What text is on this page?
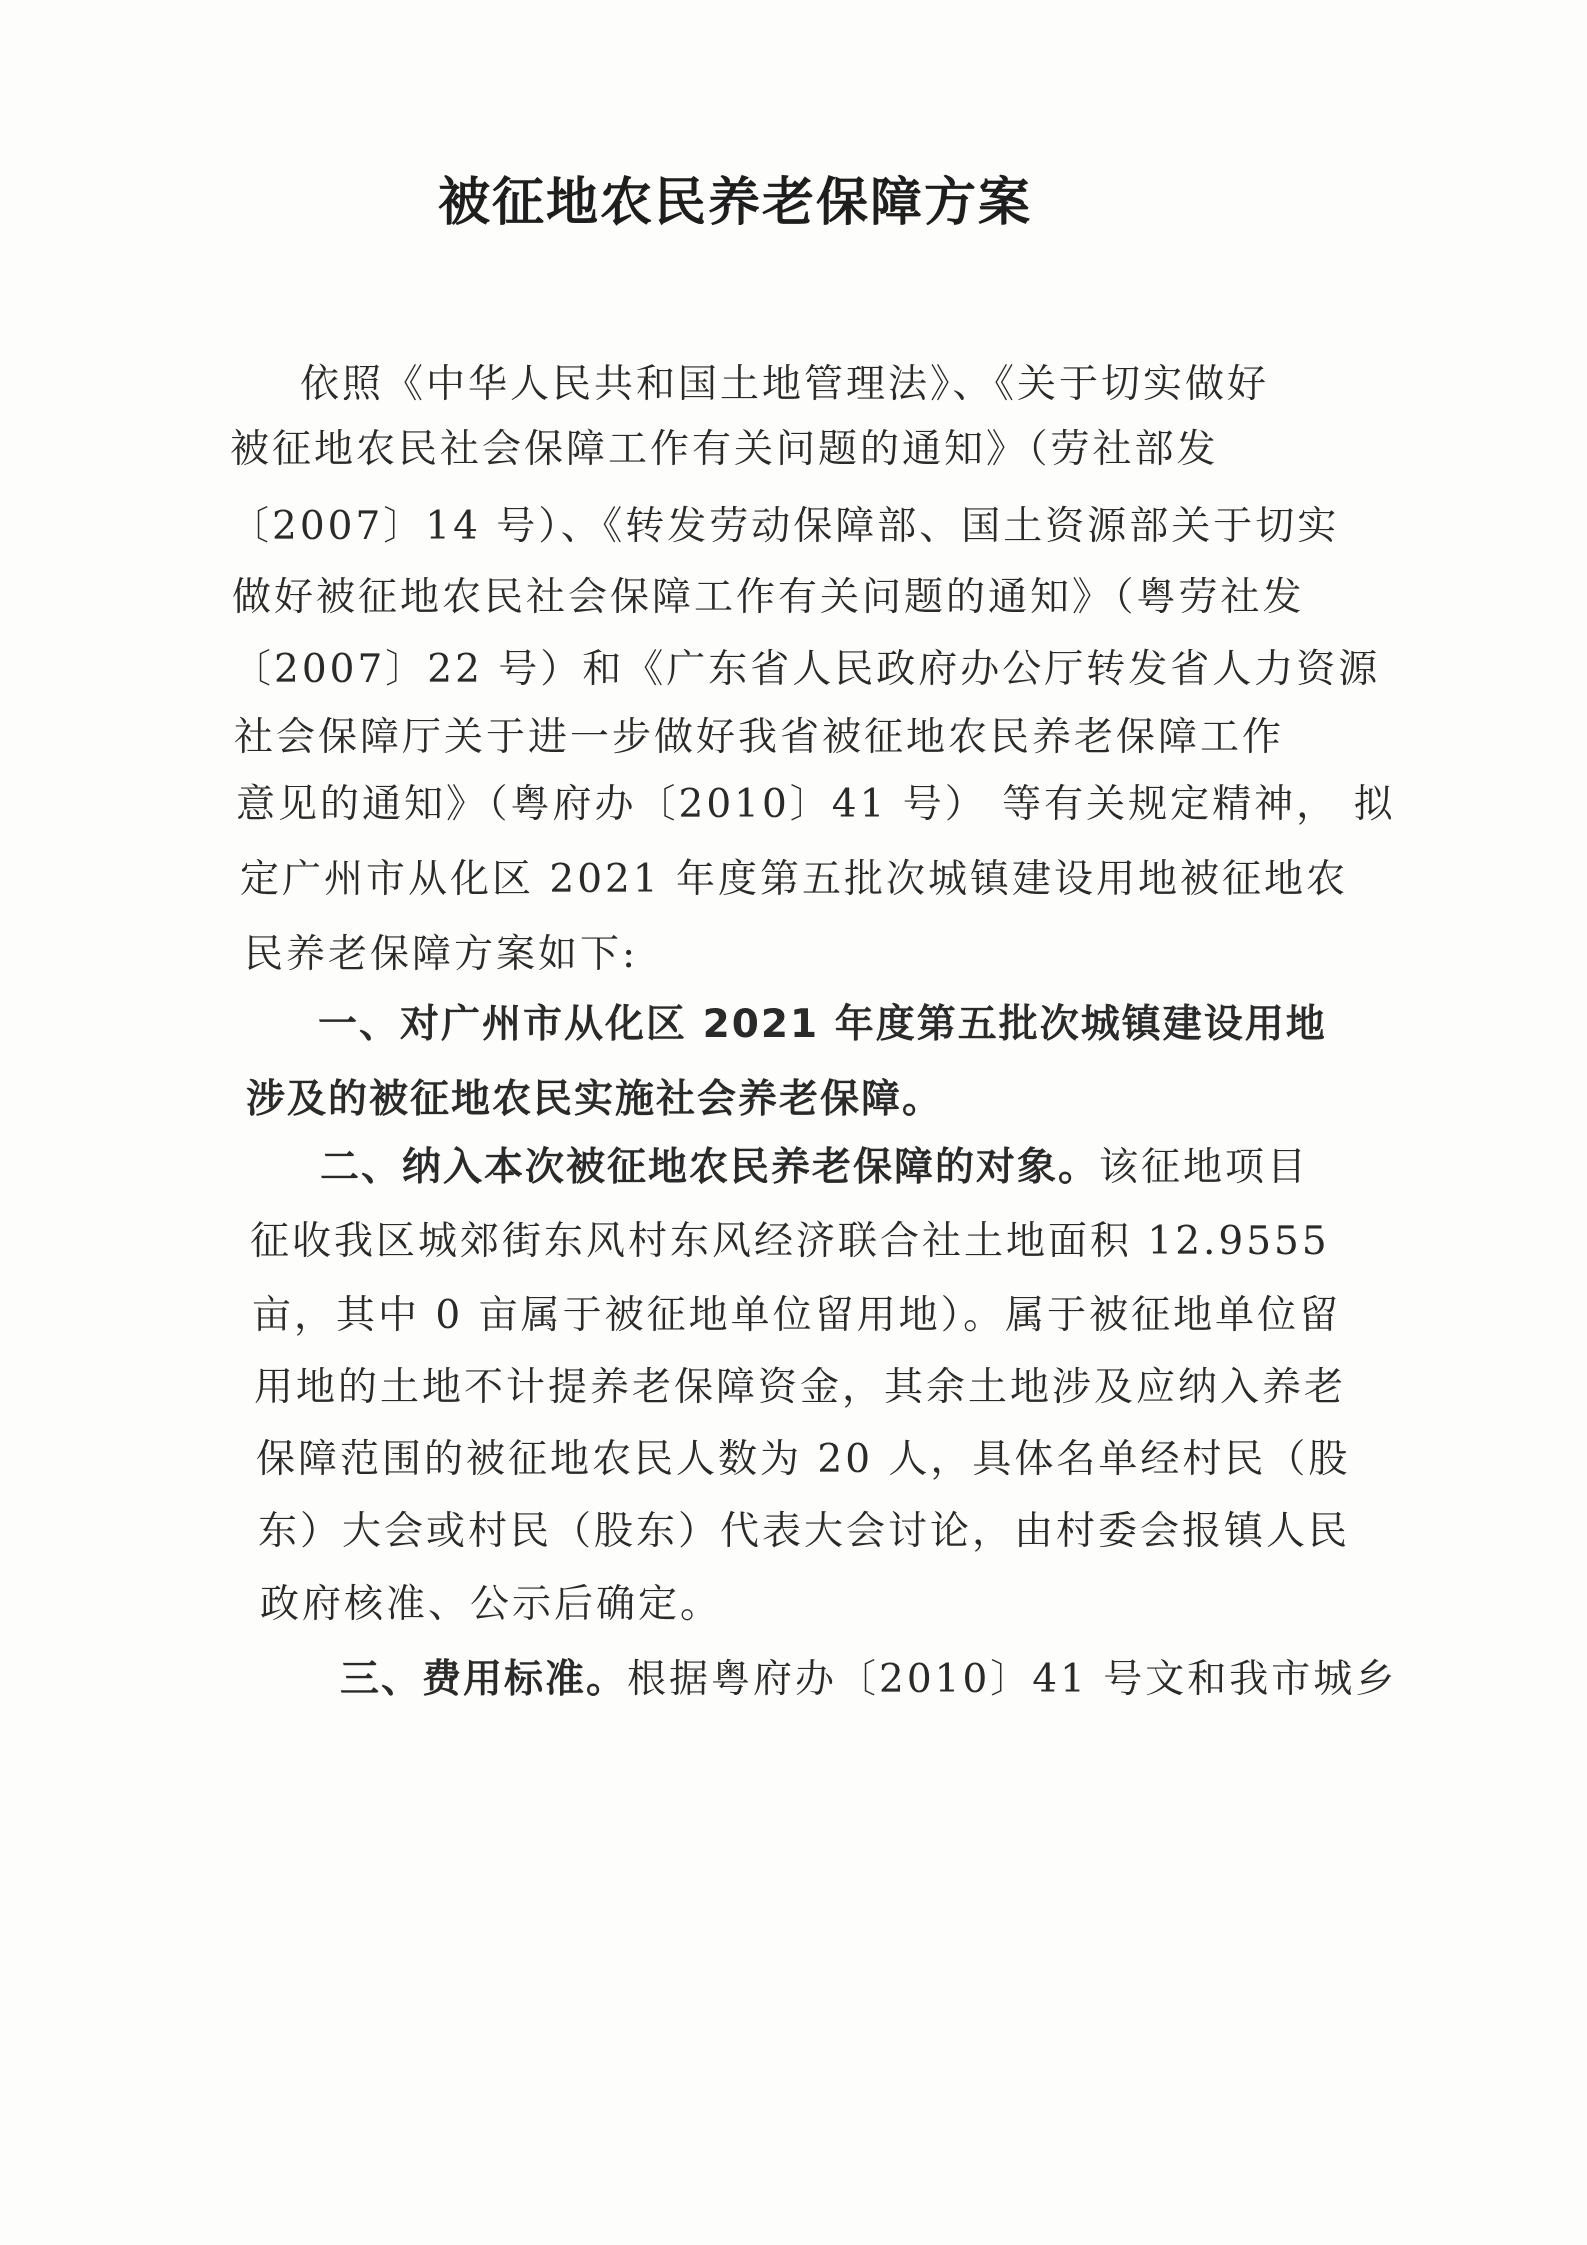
被征地农民养老保障方案
依照《中华人民共和国土地管理法》、《关于切实做好
被征地农民社会保障工作有关问题的通知》（劳社部发
〔2007〕14 号）、《转发劳动保障部、国土资源部关于切实
做好被征地农民社会保障工作有关问题的通知》（粤劳社发
〔2007〕22 号）和《广东省人民政府办公厅转发省人力资源
社会保障厅关于进一步做好我省被征地农民养老保障工作
意见的通知》（粤府办〔2010〕41 号） 等有关规定精神， 拟
定广州市从化区 2021 年度第五批次城镇建设用地被征地农
民养老保障方案如下:
一、对广州市从化区 2021 年度第五批次城镇建设用地
涉及的被征地农民实施社会养老保障。
二、纳入本次被征地农民养老保障的对象。该征地项目
征收我区城郊街东风村东风经济联合社土地面积 12.9555
亩，其中 0 亩属于被征地单位留用地）。属于被征地单位留
用地的土地不计提养老保障资金，其余土地涉及应纳入养老
保障范围的被征地农民人数为 20 人，具体名单经村民（股
东）大会或村民（股东）代表大会讨论，由村委会报镇人民
政府核准、公示后确定。
三、费用标准。根据粤府办〔2010〕41 号文和我市城乡
